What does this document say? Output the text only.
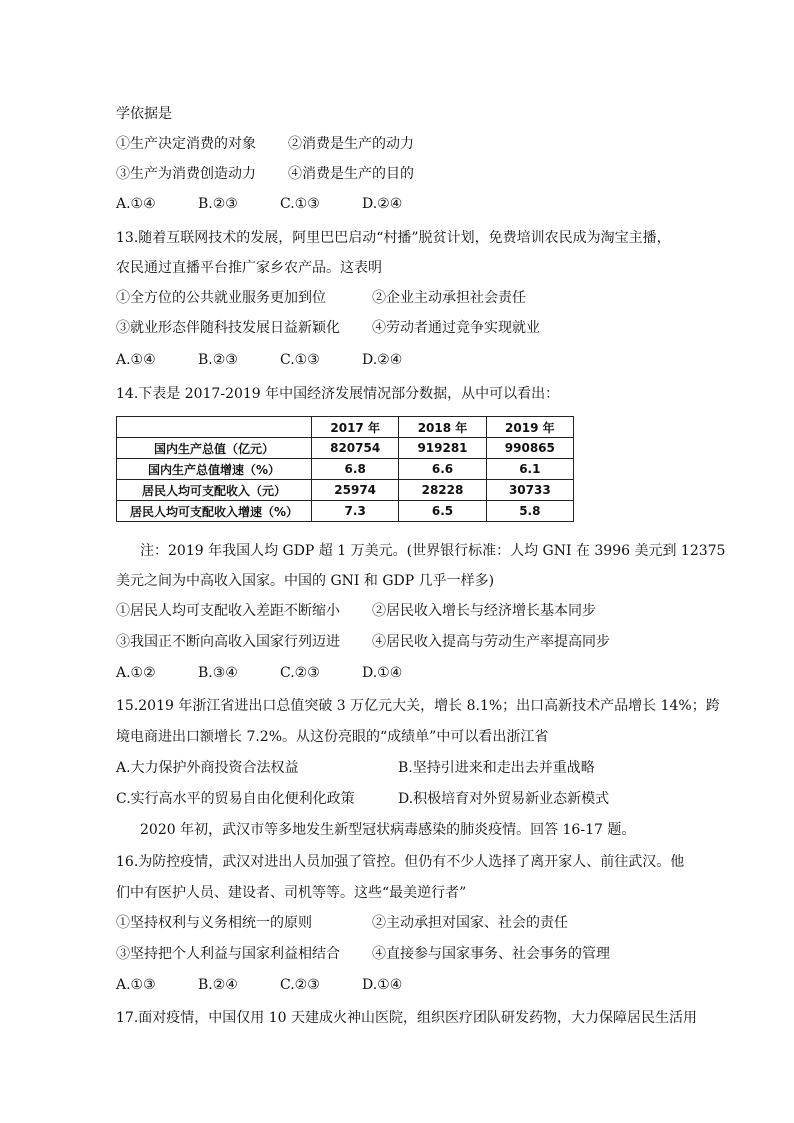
学依据是
①生产决定消费的对象 ②消费是生产的动力
③生产为消费创造动力 ④消费是生产的目的
A.①④	B.②③	C.①③	D.②④
13.随着互联网技术的发展，阿里巴巴启动“村播”脱贫计划，免费培训农民成为淘宝主播，
农民通过直播平台推广家乡农产品。这表明
①全方位的公共就业服务更加到位	②企业主动承担社会责任
③就业形态伴随科技发展日益新颖化 ④劳动者通过竞争实现就业
A.①④	B.②③	C.①③	D.②④
14.下表是 2017-2019 年中国经济发展情况部分数据，从中可以看出：
	2017 年	2018 年	2019 年
国内生产总值（亿元）	820754	919281	990865
国内生产总值增速（%）	6.8	6.6	6.1
居民人均可支配收入（元）	25974	28228	30733
居民人均可支配收入增速（%）	7.3	6.5	5.8
注：2019 年我国人均 GDP 超 1 万美元。(世界银行标准：人均 GNI 在 3996 美元到 12375
美元之间为中高收入国家。中国的 GNI 和 GDP 几乎一样多)
①居民人均可支配收入差距不断缩小 ②居民收入增长与经济增长基本同步
③我国正不断向高收入国家行列迈进 ④居民收入提高与劳动生产率提高同步
A.①②	B.③④	C.②③	D.①④
15.2019 年浙江省进出口总值突破 3 万亿元大关，增长 8.1%；出口高新技术产品增长 14%；跨
境电商进出口额增长 7.2%。从这份亮眼的“成绩单”中可以看出浙江省
A.大力保护外商投资合法权益	B.坚持引进来和走出去并重战略
C.实行高水平的贸易自由化便利化政策	D.积极培育对外贸易新业态新模式
2020 年初，武汉市等多地发生新型冠状病毒感染的肺炎疫情。回答 16-17 题。
16.为防控疫情，武汉对进出人员加强了管控。但仍有不少人选择了离开家人、前往武汉。他
们中有医护人员、建设者、司机等等。这些“最美逆行者”
①坚持权利与义务相统一的原则	②主动承担对国家、社会的责任
③坚持把个人利益与国家利益相结合 ④直接参与国家事务、社会事务的管理
A.①③	B.②④	C.②③	D.①④
17.面对疫情，中国仅用 10 天建成火神山医院，组织医疗团队研发药物，大力保障居民生活用
